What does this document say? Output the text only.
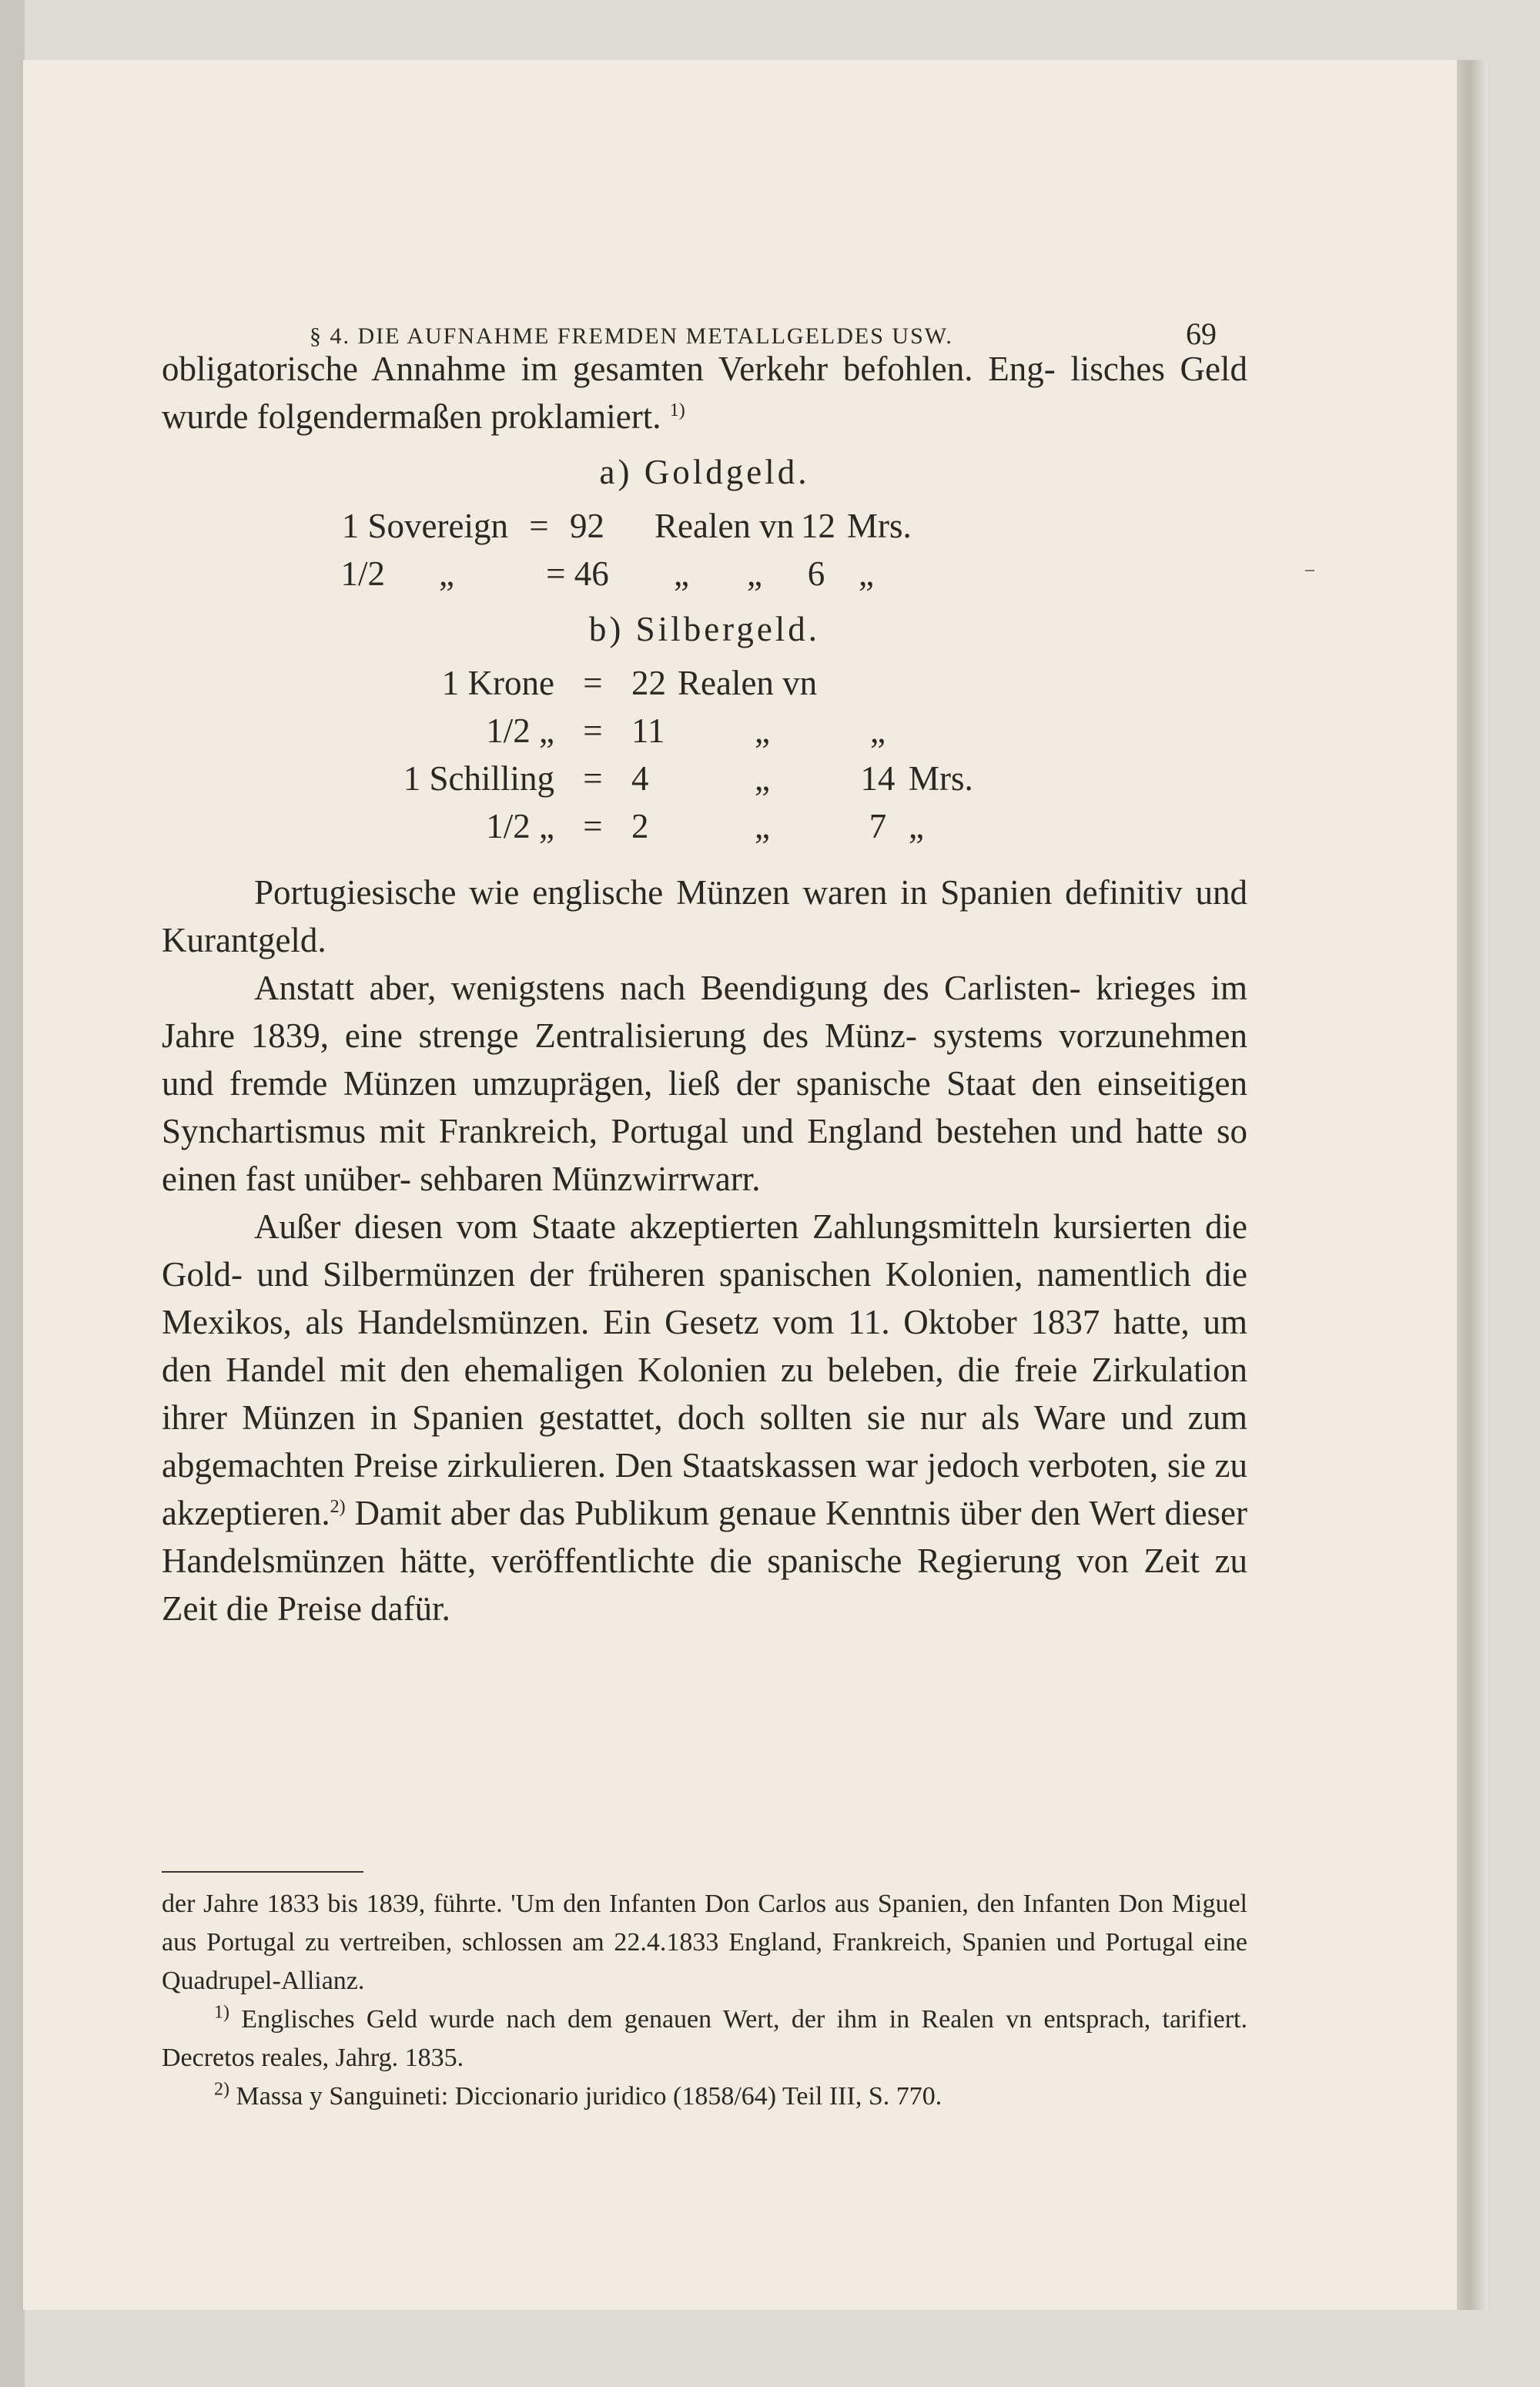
§ 4. DIE AUFNAHME FREMDEN METALLGELDES USW.	69

obligatorische Annahme im gesamten Verkehr befohlen. Eng- lisches Geld wurde folgendermaßen proklamiert. $^{1)}$

a) Goldgeld.
1 Sovereign = 92	Realen vn 12 Mrs.
1/2	„	= 46	„	„	6 „
b) Silbergeld.
1 Krone = 22 Realen vn
1/2 „ = 11	„	„
1 Schilling = 4	„	14 Mrs.
1/2 „ = 2	„	7 „

Portugiesische wie englische Münzen waren in Spanien definitiv und Kurantgeld.

Anstatt aber, wenigstens nach Beendigung des Carlisten- krieges im Jahre 1839, eine strenge Zentralisierung des Münz- systems vorzunehmen und fremde Münzen umzuprägen, ließ der spanische Staat den einseitigen Synchartismus mit Frankreich, Portugal und England bestehen und hatte so einen fast unüber- sehbaren Münzwirrwarr.

Außer diesen vom Staate akzeptierten Zahlungsmitteln kursierten die Gold- und Silbermünzen der früheren spanischen Kolonien, namentlich die Mexikos, als Handelsmünzen. Ein Gesetz vom 11. Oktober 1837 hatte, um den Handel mit den ehemaligen Kolonien zu beleben, die freie Zirkulation ihrer Münzen in Spanien gestattet, doch sollten sie nur als Ware und zum abgemachten Preise zirkulieren. Den Staatskassen war jedoch verboten, sie zu akzeptieren.$^{2)}$ Damit aber das Publikum genaue Kenntnis über den Wert dieser Handelsmünzen hätte, veröffentlichte die spanische Regierung von Zeit zu Zeit die Preise dafür.

der Jahre 1833 bis 1839, führte. 'Um den Infanten Don Carlos aus Spanien, den Infanten Don Miguel aus Portugal zu vertreiben, schlossen am 22.4.1833 England, Frankreich, Spanien und Portugal eine Quadrupel-Allianz.

$^{1)}$ Englisches Geld wurde nach dem genauen Wert, der ihm in Realen vn entsprach, tarifiert. Decretos reales, Jahrg. 1835.

$^{2)}$ Massa y Sanguineti: Diccionario juridico (1858/64) Teil III, S. 770.
